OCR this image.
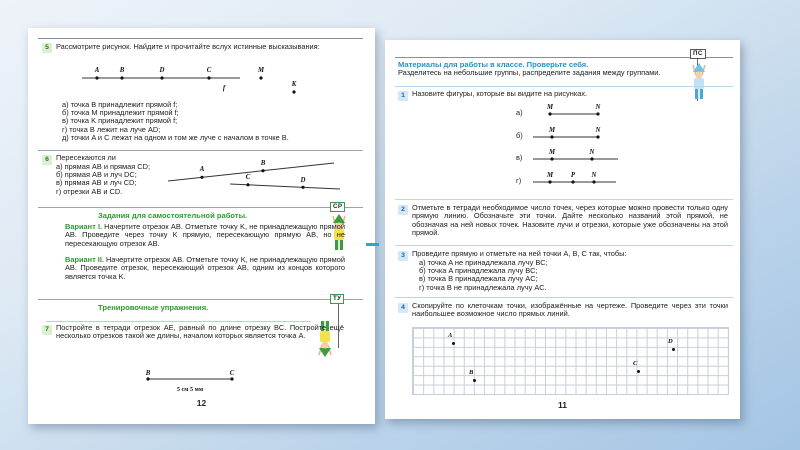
5 Рассмотрите рисунок. Найдите и прочитайте вслух истинные высказывания:
A	B	D	C
f
M
K
а) точка B принадлежит прямой f;
б) точка M принадлежит прямой f;
в) точка K принадлежит прямой f;
г) точка B лежит на луче AD;
д) точки A и C лежат на одном и том же луче с началом в точке B.
6 Пересекаются ли
а) прямая AB и прямая CD;
б) прямая AB и луч DC;
в) прямая AB и луч CD;
г) отрезки AB и CD.
A
B
C	D
Задания для самостоятельной работы.
СР
Вариант I. Начертите отрезок AB. Отметьте точку K, не принадлежащую прямой AB. Проведите через точку K прямую, пересекающую прямую AB, но не пересекающую отрезок AB.
Вариант II. Начертите отрезок AB. Отметьте точку K, не принадлежащую прямой AB. Проведите отрезок, пересекающий отрезок AB, одним из концов которого является точка K.
Тренировочные упражнения.
ТУ
7 Постройте в тетради отрезок AE, равный по длине отрезку BC. Постройте ещё несколько отрезков такой же длины, началом которых является точка A.
B	C
5 см 5 мм
12
ПС
Материалы для работы в классе. Проверьте себя.
Разделитесь на небольшие группы, распределите задания между группами.
1 Назовите фигуры, которые вы видите на рисунках.
а)
M	N
б)
M	N
в)
M	N
г)
M	P N
2 Отметьте в тетради необходимое число точек, через которые можно провести только одну прямую линию. Обозначьте эти точки. Дайте несколько названий этой прямой, не обозначая на ней новых точек. Назовите лучи и отрезки, которые уже обозначены на этой прямой.
3 Проведите прямую и отметьте на ней точки A, B, C так, чтобы:
а) точка A не принадлежала лучу BC;
б) точка A принадлежала лучу BC;
в) точка B принадлежала лучу AC;
г) точка B не принадлежала лучу AC.
4 Скопируйте по клеточкам точки, изображённые на чертеже. Проведите через эти точки наибольшее возможное число прямых линий.
A
B
C
D
11
